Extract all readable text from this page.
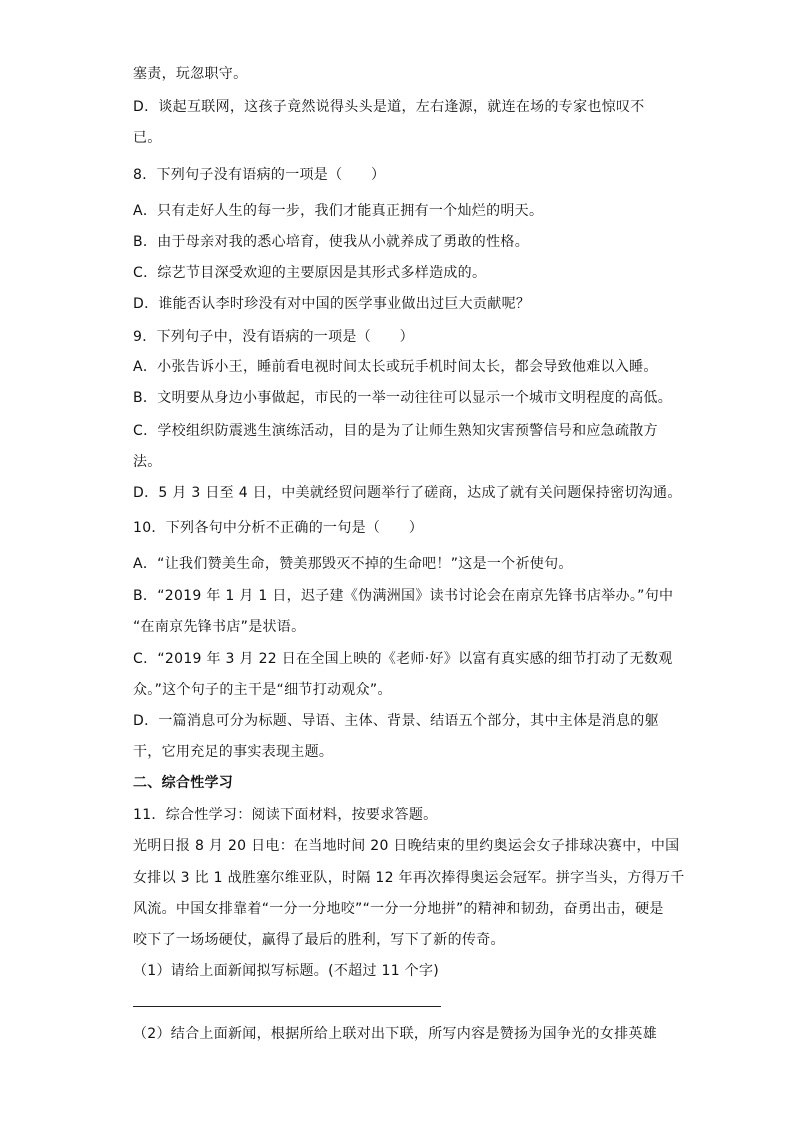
塞责，玩忽职守。
D．谈起互联网，这孩子竟然说得头头是道，左右逢源，就连在场的专家也惊叹不
已。
8．下列句子没有语病的一项是（　　）
A．只有走好人生的每一步，我们才能真正拥有一个灿烂的明天。
B．由于母亲对我的悉心培育，使我从小就养成了勇敢的性格。
C．综艺节目深受欢迎的主要原因是其形式多样造成的。
D．谁能否认李时珍没有对中国的医学事业做出过巨大贡献呢？
9．下列句子中，没有语病的一项是（　　）
A．小张告诉小王，睡前看电视时间太长或玩手机时间太长，都会导致他难以入睡。
B．文明要从身边小事做起，市民的一举一动往往可以显示一个城市文明程度的高低。
C．学校组织防震逃生演练活动，目的是为了让师生熟知灾害预警信号和应急疏散方
法。
D．5 月 3 日至 4 日，中美就经贸问题举行了磋商，达成了就有关问题保持密切沟通。
10．下列各句中分析不正确的一句是（　　）
A．“让我们赞美生命，赞美那毁灭不掉的生命吧！”这是一个祈使句。
B．“2019 年 1 月 1 日，迟子建《伪满洲国》读书讨论会在南京先锋书店举办。”句中
“在南京先锋书店”是状语。
C．“2019 年 3 月 22 日在全国上映的《老师·好》以富有真实感的细节打动了无数观
众。”这个句子的主干是“细节打动观众”。
D．一篇消息可分为标题、导语、主体、背景、结语五个部分，其中主体是消息的躯
干，它用充足的事实表现主题。
二、综合性学习
11．综合性学习：阅读下面材料，按要求答题。
光明日报 8 月 20 日电：在当地时间 20 日晚结束的里约奥运会女子排球决赛中，中国
女排以 3 比 1 战胜塞尔维亚队，时隔 12 年再次捧得奥运会冠军。拼字当头，方得万千
风流。中国女排靠着“一分一分地咬”“一分一分地拼”的精神和韧劲，奋勇出击，硬是
咬下了一场场硬仗，赢得了最后的胜利，写下了新的传奇。
（1）请给上面新闻拟写标题。(不超过 11 个字)
（2）结合上面新闻，根据所给上联对出下联，所写内容是赞扬为国争光的女排英雄
